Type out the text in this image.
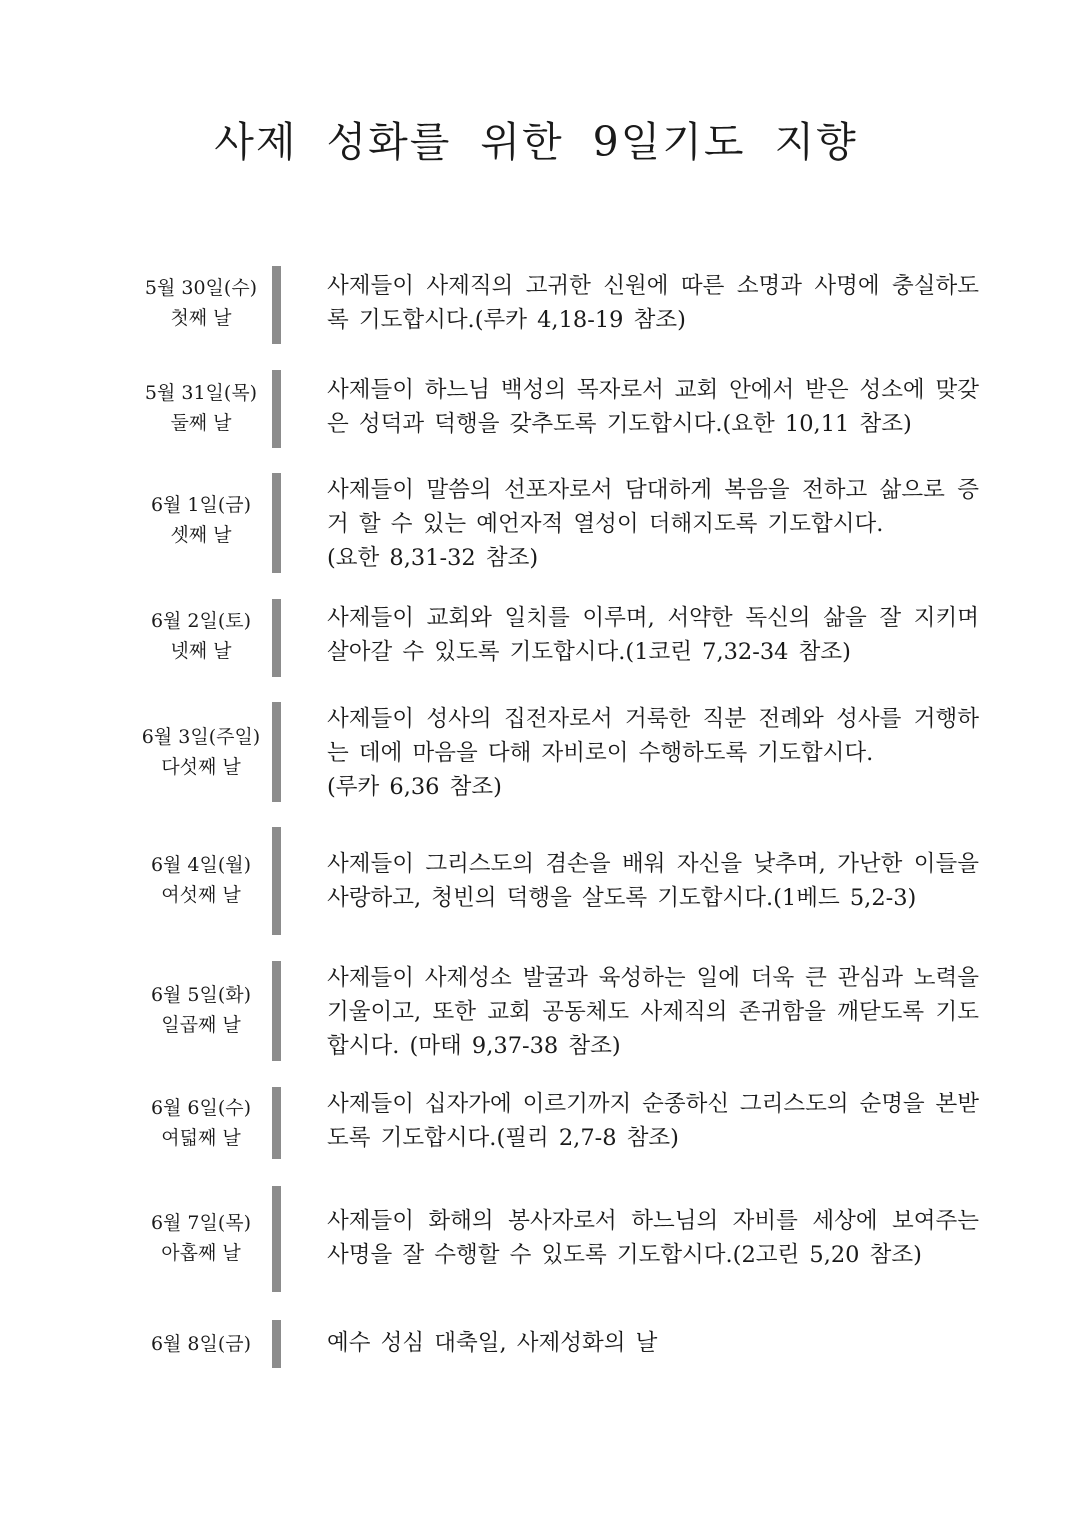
사제 성화를 위한 9일기도 지향
5월 30일(수)
첫째 날

사제들이 사제직의 고귀한 신원에 따른 소명과 사명에 충실하도록 기도합시다.(루카 4,18-19 참조)

5월 31일(목)
둘째 날

사제들이 하느님 백성의 목자로서 교회 안에서 받은 성소에 맞갖은 성덕과 덕행을 갖추도록 기도합시다.(요한 10,11 참조)

6월 1일(금)
셋째 날
사제들이 말씀의 선포자로서 담대하게 복음을 전하고 삶으로 증거 할 수 있는 예언자적 열성이 더해지도록 기도합시다.
(요한 8,31-32 참조)
6월 2일(토)
넷째 날

사제들이 교회와 일치를 이루며, 서약한 독신의 삶을 잘 지키며 살아갈 수 있도록 기도합시다.(1코린 7,32-34 참조)

6월 3일(주일)
다섯째 날
사제들이 성사의 집전자로서 거룩한 직분 전례와 성사를 거행하는 데에 마음을 다해 자비로이 수행하도록 기도합시다.
(루카 6,36 참조)
6월 4일(월)
여섯째 날

사제들이 그리스도의 겸손을 배워 자신을 낮추며, 가난한 이들을 사랑하고, 청빈의 덕행을 살도록 기도합시다.(1베드 5,2-3)

6월 5일(화)
일곱째 날

사제들이 사제성소 발굴과 육성하는 일에 더욱 큰 관심과 노력을 기울이고, 또한 교회 공동체도 사제직의 존귀함을 깨닫도록 기도합시다. (마태 9,37-38 참조)

6월 6일(수)
여덟째 날

사제들이 십자가에 이르기까지 순종하신 그리스도의 순명을 본받도록 기도합시다.(필리 2,7-8 참조)

6월 7일(목)
아홉째 날

사제들이 화해의 봉사자로서 하느님의 자비를 세상에 보여주는 사명을 잘 수행할 수 있도록 기도합시다.(2고린 5,20 참조)

6월 8일(금)	예수 성심 대축일, 사제성화의 날
